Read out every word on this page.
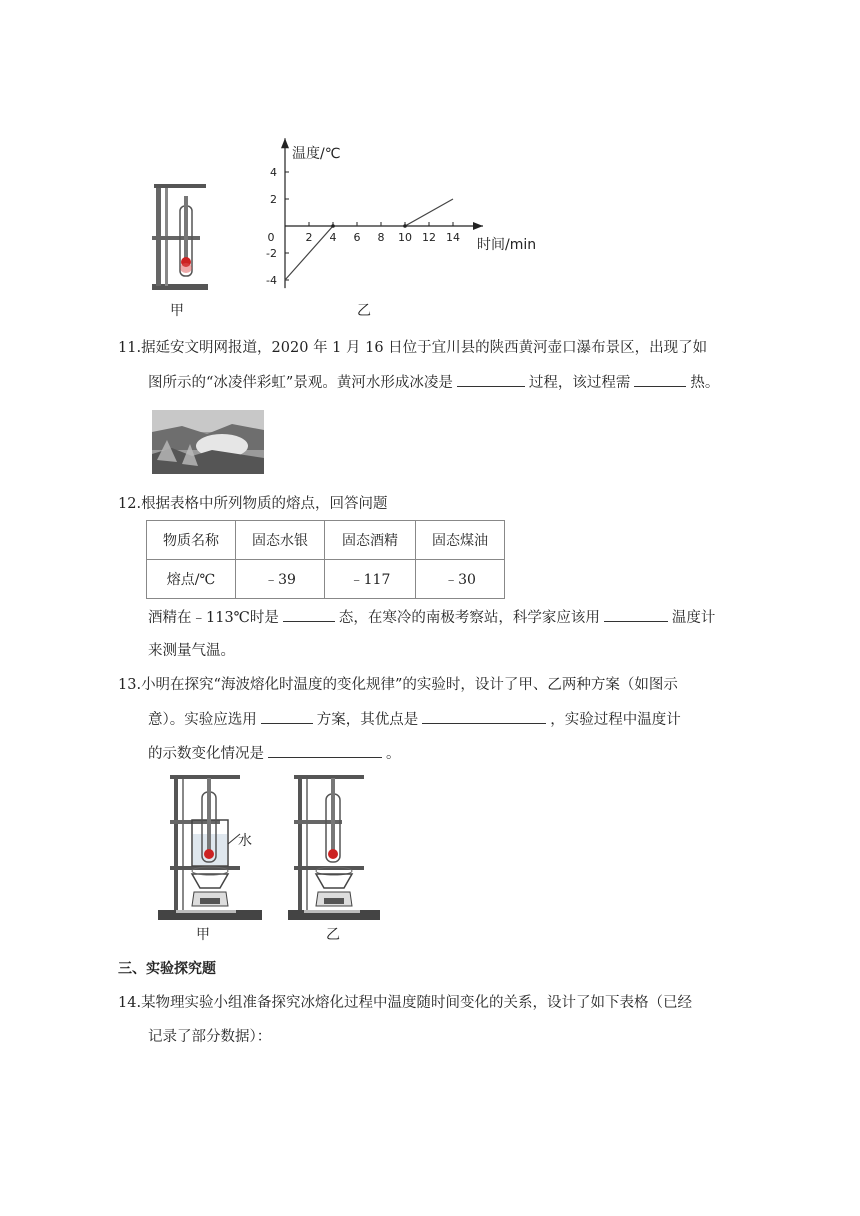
甲
0	2 4 6 8 10 12 14
4
2
-2
-4
温度/℃
时间/min
乙
11.据延安文明网报道，2020 年 1 月 16 日位于宜川县的陕西黄河壶口瀑布景区，出现了如
图所示的“冰凌伴彩虹”景观。黄河水形成冰凌是	过程，该过程需	热。
12.根据表格中所列物质的熔点，回答问题
物质名称	固态水银	固态酒精	固态煤油
熔点/℃	﹣39	﹣117	﹣30
酒精在﹣113℃时是	态，在寒冷的南极考察站，科学家应该用	温度计
来测量气温。
13.小明在探究“海波熔化时温度的变化规律”的实验时，设计了甲、乙两种方案（如图示
意）。实验应选用	方案，其优点是	，实验过程中温度计
的示数变化情况是	。
水
甲	乙
三、实验探究题
14.某物理实验小组准备探究冰熔化过程中温度随时间变化的关系，设计了如下表格（已经
记录了部分数据）：
